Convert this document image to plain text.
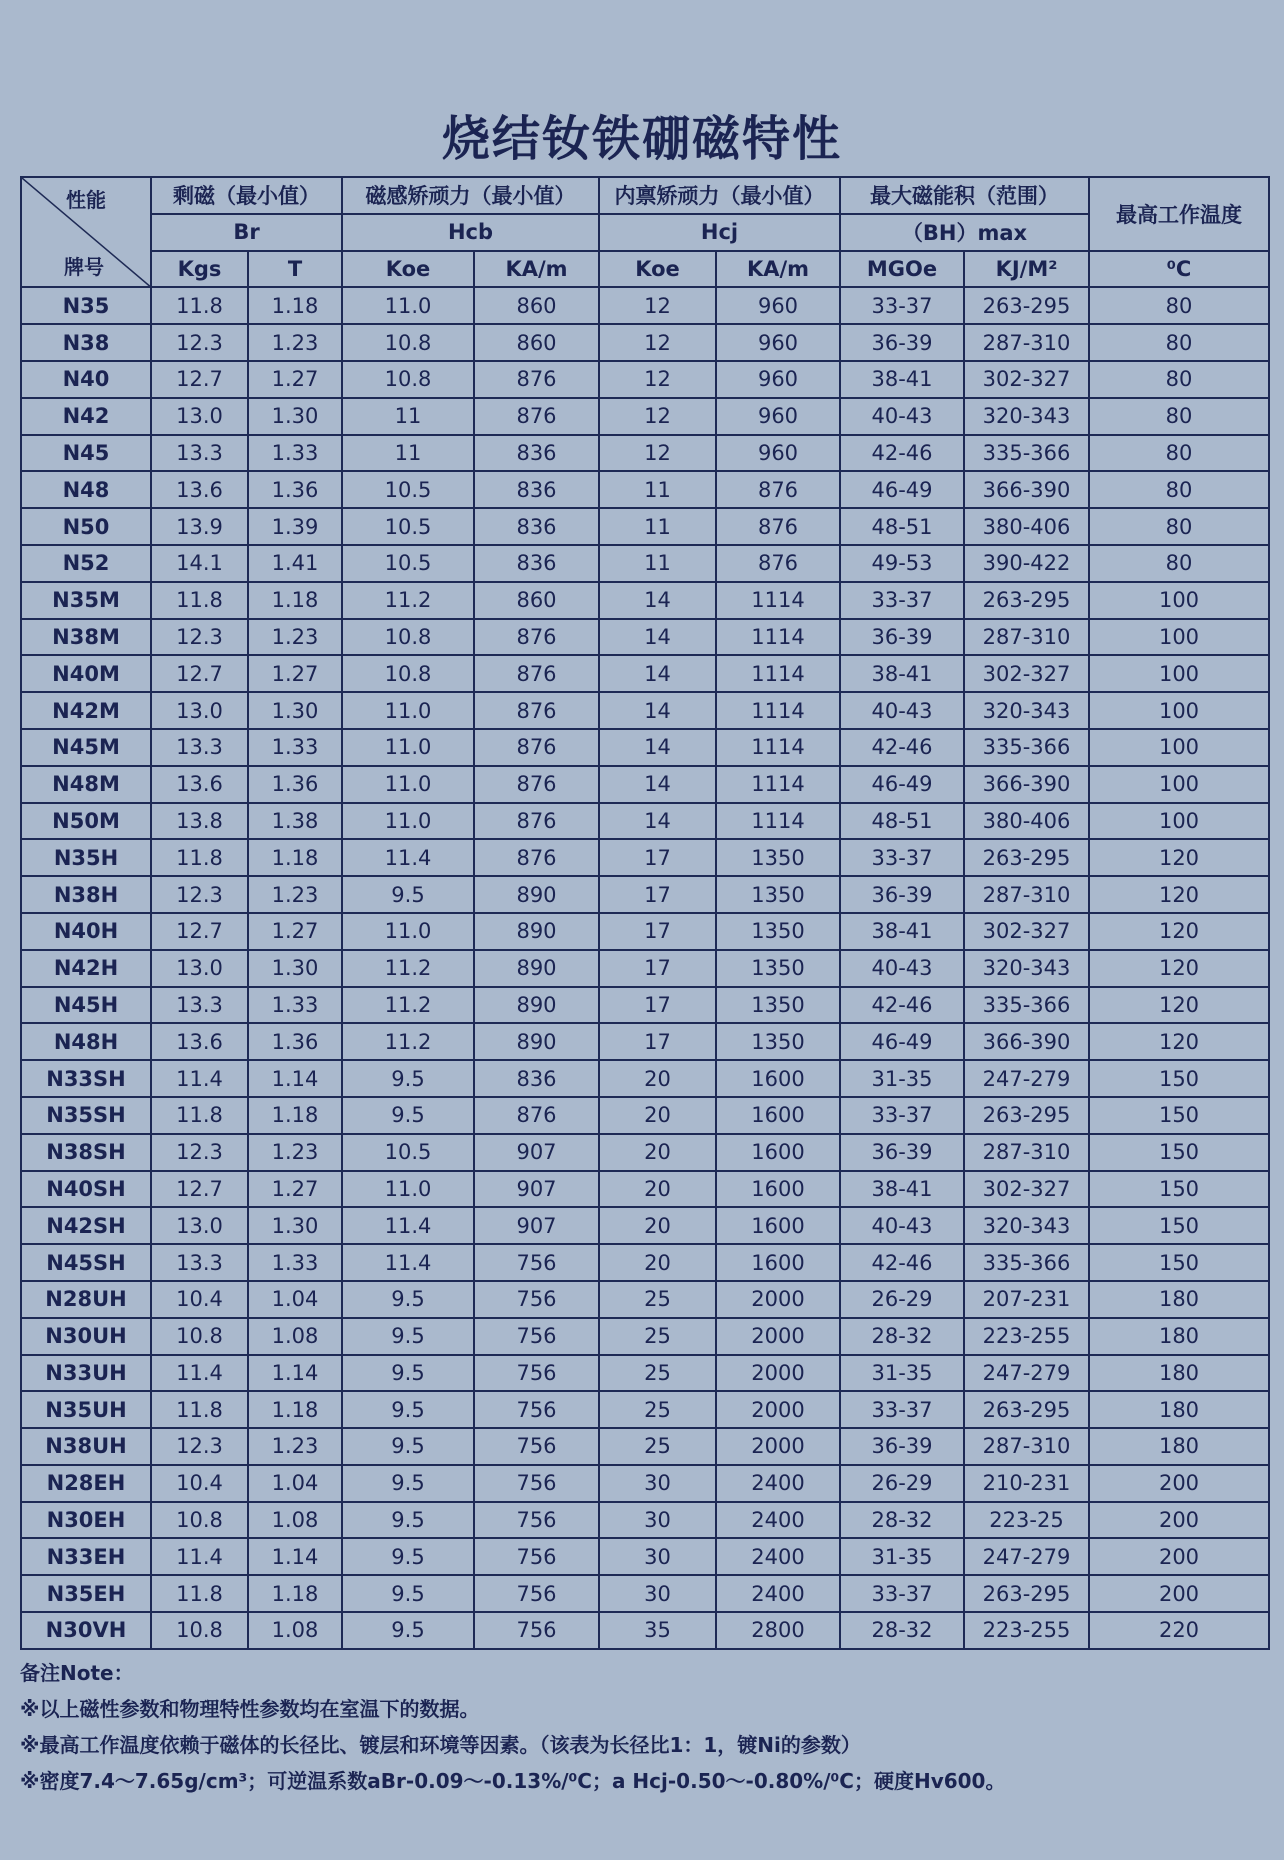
烧结钕铁硼磁特性
性能
牌号	剩磁（最小值）		磁感矫顽力（最小值）		内禀矫顽力（最小值）		最大磁能积（范围）		最高工作温度
	Br		Hcb		Hcj		（BH）max		
	Kgs	T	Koe	KA/m	Koe	KA/m	MGOe	KJ/M²	⁰C
N35	11.8	1.18	11.0	860	12	960	33-37	263-295	80
N38	12.3	1.23	10.8	860	12	960	36-39	287-310	80
N40	12.7	1.27	10.8	876	12	960	38-41	302-327	80
N42	13.0	1.30	11	876	12	960	40-43	320-343	80
N45	13.3	1.33	11	836	12	960	42-46	335-366	80
N48	13.6	1.36	10.5	836	11	876	46-49	366-390	80
N50	13.9	1.39	10.5	836	11	876	48-51	380-406	80
N52	14.1	1.41	10.5	836	11	876	49-53	390-422	80
N35M	11.8	1.18	11.2	860	14	1114	33-37	263-295	100
N38M	12.3	1.23	10.8	876	14	1114	36-39	287-310	100
N40M	12.7	1.27	10.8	876	14	1114	38-41	302-327	100
N42M	13.0	1.30	11.0	876	14	1114	40-43	320-343	100
N45M	13.3	1.33	11.0	876	14	1114	42-46	335-366	100
N48M	13.6	1.36	11.0	876	14	1114	46-49	366-390	100
N50M	13.8	1.38	11.0	876	14	1114	48-51	380-406	100
N35H	11.8	1.18	11.4	876	17	1350	33-37	263-295	120
N38H	12.3	1.23	9.5	890	17	1350	36-39	287-310	120
N40H	12.7	1.27	11.0	890	17	1350	38-41	302-327	120
N42H	13.0	1.30	11.2	890	17	1350	40-43	320-343	120
N45H	13.3	1.33	11.2	890	17	1350	42-46	335-366	120
N48H	13.6	1.36	11.2	890	17	1350	46-49	366-390	120
N33SH	11.4	1.14	9.5	836	20	1600	31-35	247-279	150
N35SH	11.8	1.18	9.5	876	20	1600	33-37	263-295	150
N38SH	12.3	1.23	10.5	907	20	1600	36-39	287-310	150
N40SH	12.7	1.27	11.0	907	20	1600	38-41	302-327	150
N42SH	13.0	1.30	11.4	907	20	1600	40-43	320-343	150
N45SH	13.3	1.33	11.4	756	20	1600	42-46	335-366	150
N28UH	10.4	1.04	9.5	756	25	2000	26-29	207-231	180
N30UH	10.8	1.08	9.5	756	25	2000	28-32	223-255	180
N33UH	11.4	1.14	9.5	756	25	2000	31-35	247-279	180
N35UH	11.8	1.18	9.5	756	25	2000	33-37	263-295	180
N38UH	12.3	1.23	9.5	756	25	2000	36-39	287-310	180
N28EH	10.4	1.04	9.5	756	30	2400	26-29	210-231	200
N30EH	10.8	1.08	9.5	756	30	2400	28-32	223-25	200
N33EH	11.4	1.14	9.5	756	30	2400	31-35	247-279	200
N35EH	11.8	1.18	9.5	756	30	2400	33-37	263-295	200
N30VH	10.8	1.08	9.5	756	35	2800	28-32	223-255	220
备注Note：
※以上磁性参数和物理特性参数均在室温下的数据。
※最高工作温度依赖于磁体的长径比、镀层和环境等因素。（该表为长径比1：1，镀Ni的参数）
※密度7.4～7.65g/cm³；可逆温系数aBr-0.09～-0.13%/⁰C；a Hcj-0.50～-0.80%/⁰C；硬度Hv600。
